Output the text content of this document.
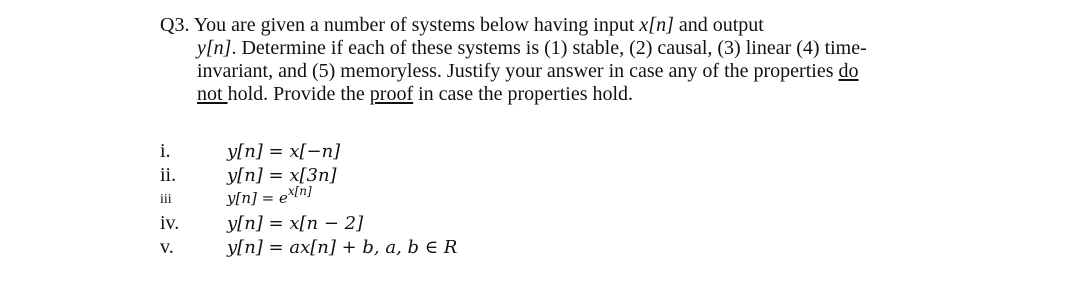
Q3. You are given a number of systems below having input x[n] and output
y[n]. Determine if each of these systems is (1) stable, (2) causal, (3) linear (4) time-
invariant, and (5) memoryless. Justify your answer in case any of the properties do
not hold. Provide the proof in case the properties hold.
i.	y[n] = x[−n]
ii.	y[n] = x[3n]
iii	$y[n] = e^{x[n]}$
iv.	y[n] = x[n − 2]
v.	y[n] = ax[n] + b, a, b ∈ R
